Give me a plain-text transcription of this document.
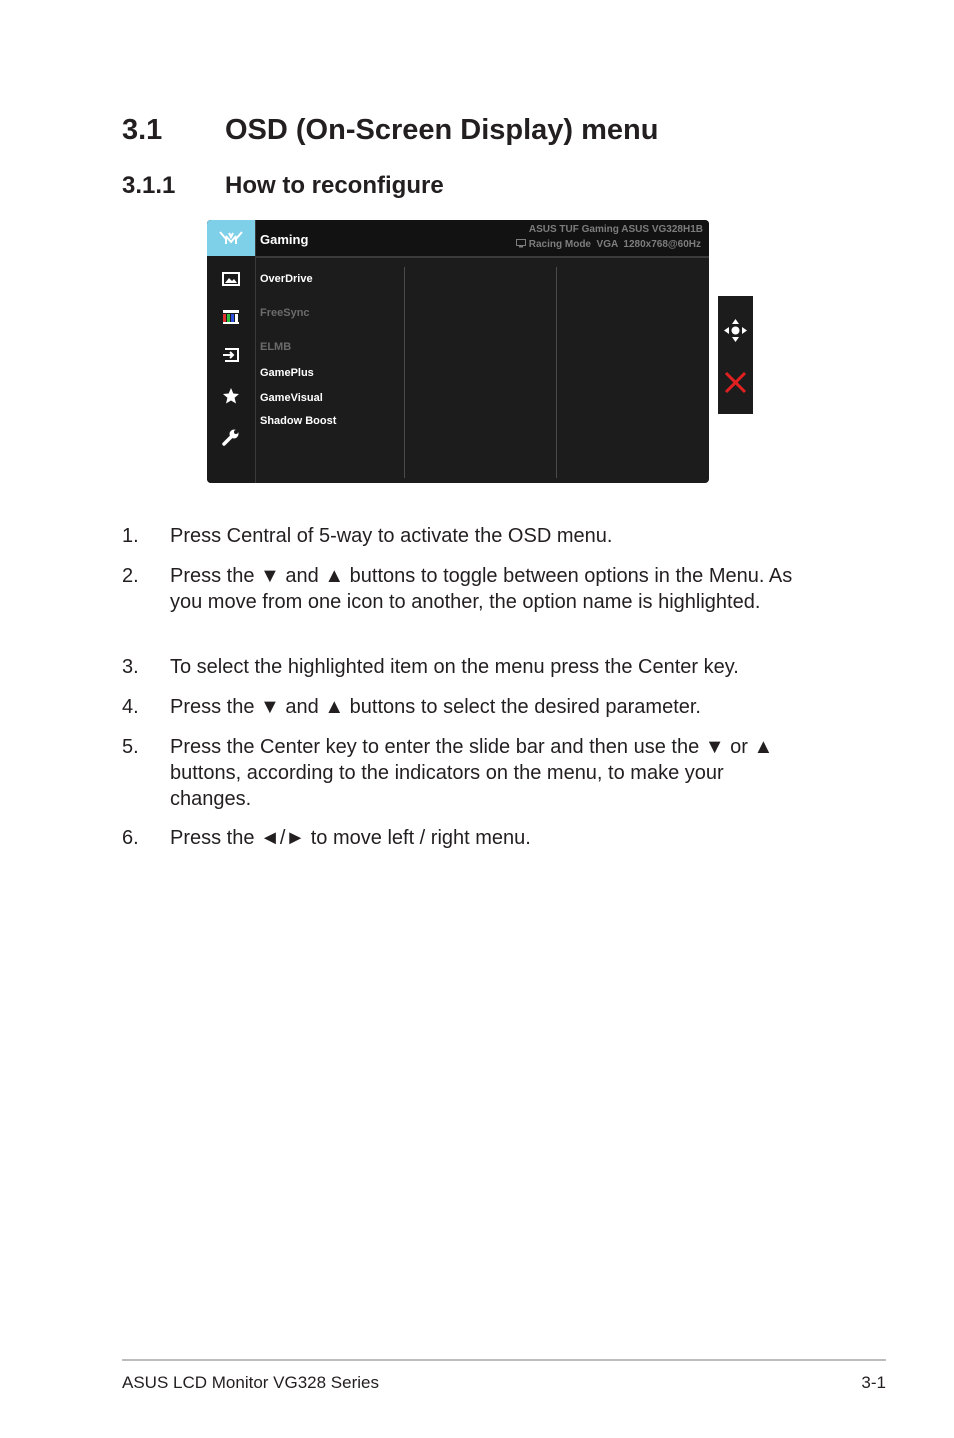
3.1 OSD (On-Screen Display) menu
3.1.1 How to reconfigure
Gaming
ASUS TUF Gaming ASUS VG328H1B
Racing Mode  VGA  1280x768@60Hz
OverDrive
FreeSync
ELMB
GamePlus
GameVisual
Shadow Boost
1. Press Central of 5-way to activate the OSD menu.
2. Press the ▼ and ▲ buttons to toggle between options in the Menu. As you move from one icon to another, the option name is highlighted.
3. To select the highlighted item on the menu press the Center key.
4. Press the ▼ and ▲ buttons to select the desired parameter.
5. Press the Center key to enter the slide bar and then use the ▼ or ▲ buttons, according to the indicators on the menu, to make your changes.
6. Press the ◄/► to move left / right menu.
ASUS LCD Monitor VG328 Series	3-1
